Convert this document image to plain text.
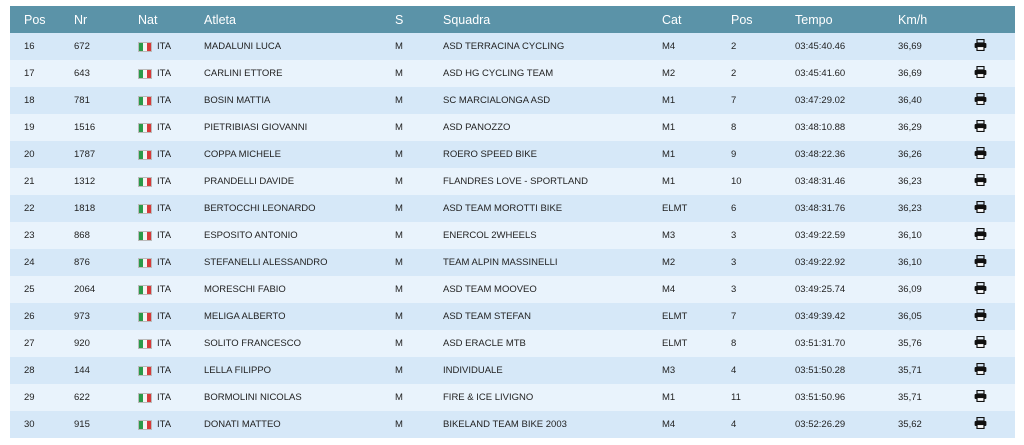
Pos	Nr	Nat	Atleta	S	Squadra	Cat	Pos	Tempo	Km/h	
16	672	ITA	MADALUNI LUCA	M	ASD TERRACINA CYCLING	M4	2	03:45:40.46	36,69	
17	643	ITA	CARLINI ETTORE	M	ASD HG CYCLING TEAM	M2	2	03:45:41.60	36,69	
18	781	ITA	BOSIN MATTIA	M	SC MARCIALONGA ASD	M1	7	03:47:29.02	36,40	
19	1516	ITA	PIETRIBIASI GIOVANNI	M	ASD PANOZZO	M1	8	03:48:10.88	36,29	
20	1787	ITA	COPPA MICHELE	M	ROERO SPEED BIKE	M1	9	03:48:22.36	36,26	
21	1312	ITA	PRANDELLI DAVIDE	M	FLANDRES LOVE - SPORTLAND	M1	10	03:48:31.46	36,23	
22	1818	ITA	BERTOCCHI LEONARDO	M	ASD TEAM MOROTTI BIKE	ELMT	6	03:48:31.76	36,23	
23	868	ITA	ESPOSITO ANTONIO	M	ENERCOL 2WHEELS	M3	3	03:49:22.59	36,10	
24	876	ITA	STEFANELLI ALESSANDRO	M	TEAM ALPIN MASSINELLI	M2	3	03:49:22.92	36,10	
25	2064	ITA	MORESCHI FABIO	M	ASD TEAM MOOVEO	M4	3	03:49:25.74	36,09	
26	973	ITA	MELIGA ALBERTO	M	ASD TEAM STEFAN	ELMT	7	03:49:39.42	36,05	
27	920	ITA	SOLITO FRANCESCO	M	ASD ERACLE MTB	ELMT	8	03:51:31.70	35,76	
28	144	ITA	LELLA FILIPPO	M	INDIVIDUALE	M3	4	03:51:50.28	35,71	
29	622	ITA	BORMOLINI NICOLAS	M	FIRE & ICE LIVIGNO	M1	11	03:51:50.96	35,71	
30	915	ITA	DONATI MATTEO	M	BIKELAND TEAM BIKE 2003	M4	4	03:52:26.29	35,62	
